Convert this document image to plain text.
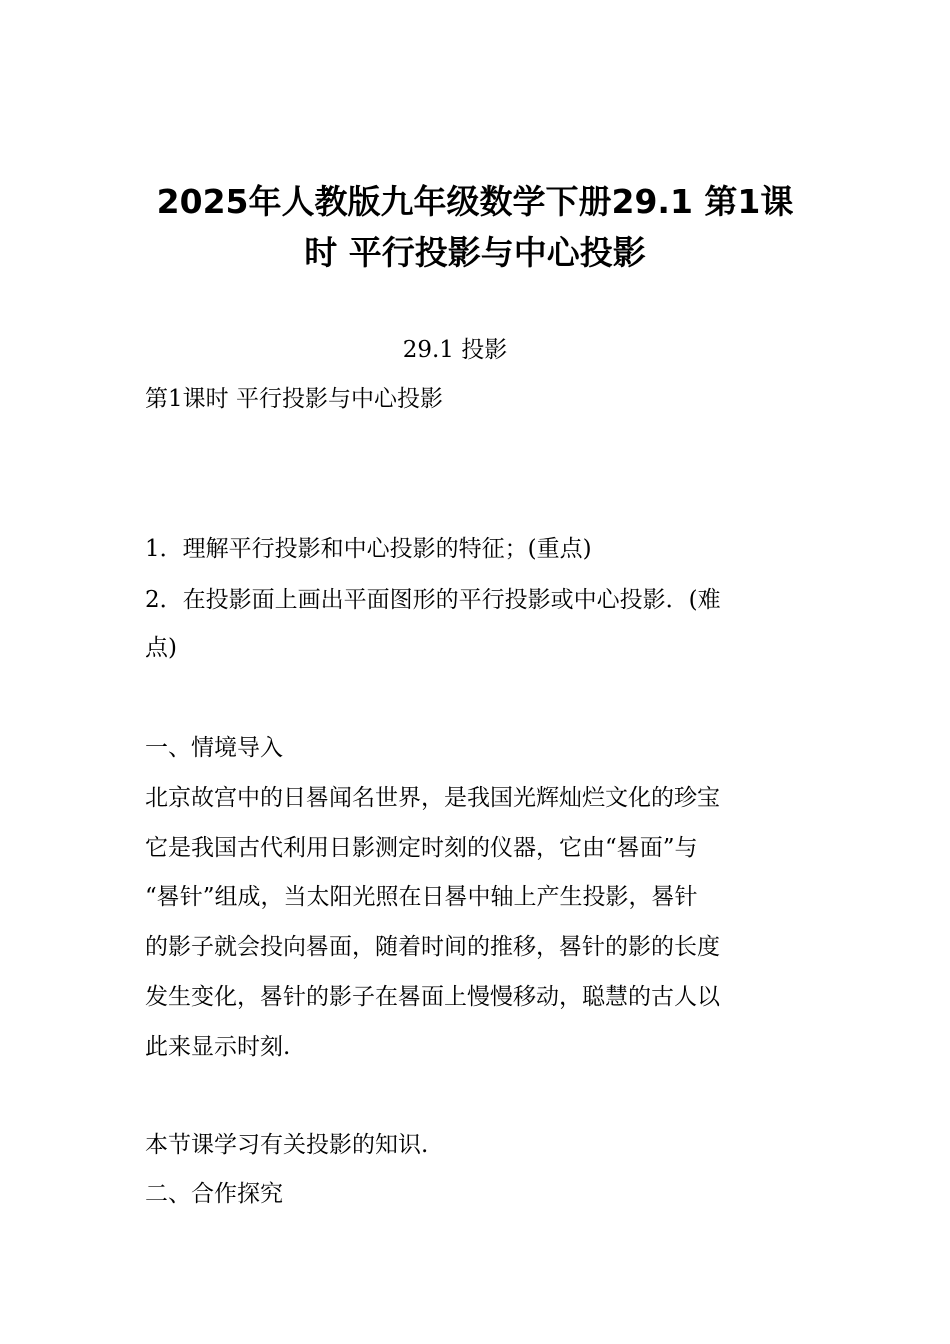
2025年人教版九年级数学下册29.1 第1课
时 平行投影与中心投影

29.1 投影

第1课时 平行投影与中心投影

1．理解平行投影和中心投影的特征；(重点)

2．在投影面上画出平面图形的平行投影或中心投影．(难

点)

一、情境导入

北京故宫中的日晷闻名世界，是我国光辉灿烂文化的珍宝

它是我国古代利用日影测定时刻的仪器，它由“晷面”与

“晷针”组成，当太阳光照在日晷中轴上产生投影，晷针

的影子就会投向晷面，随着时间的推移，晷针的影的长度

发生变化，晷针的影子在晷面上慢慢移动，聪慧的古人以

此来显示时刻.

本节课学习有关投影的知识.

二、合作探究
